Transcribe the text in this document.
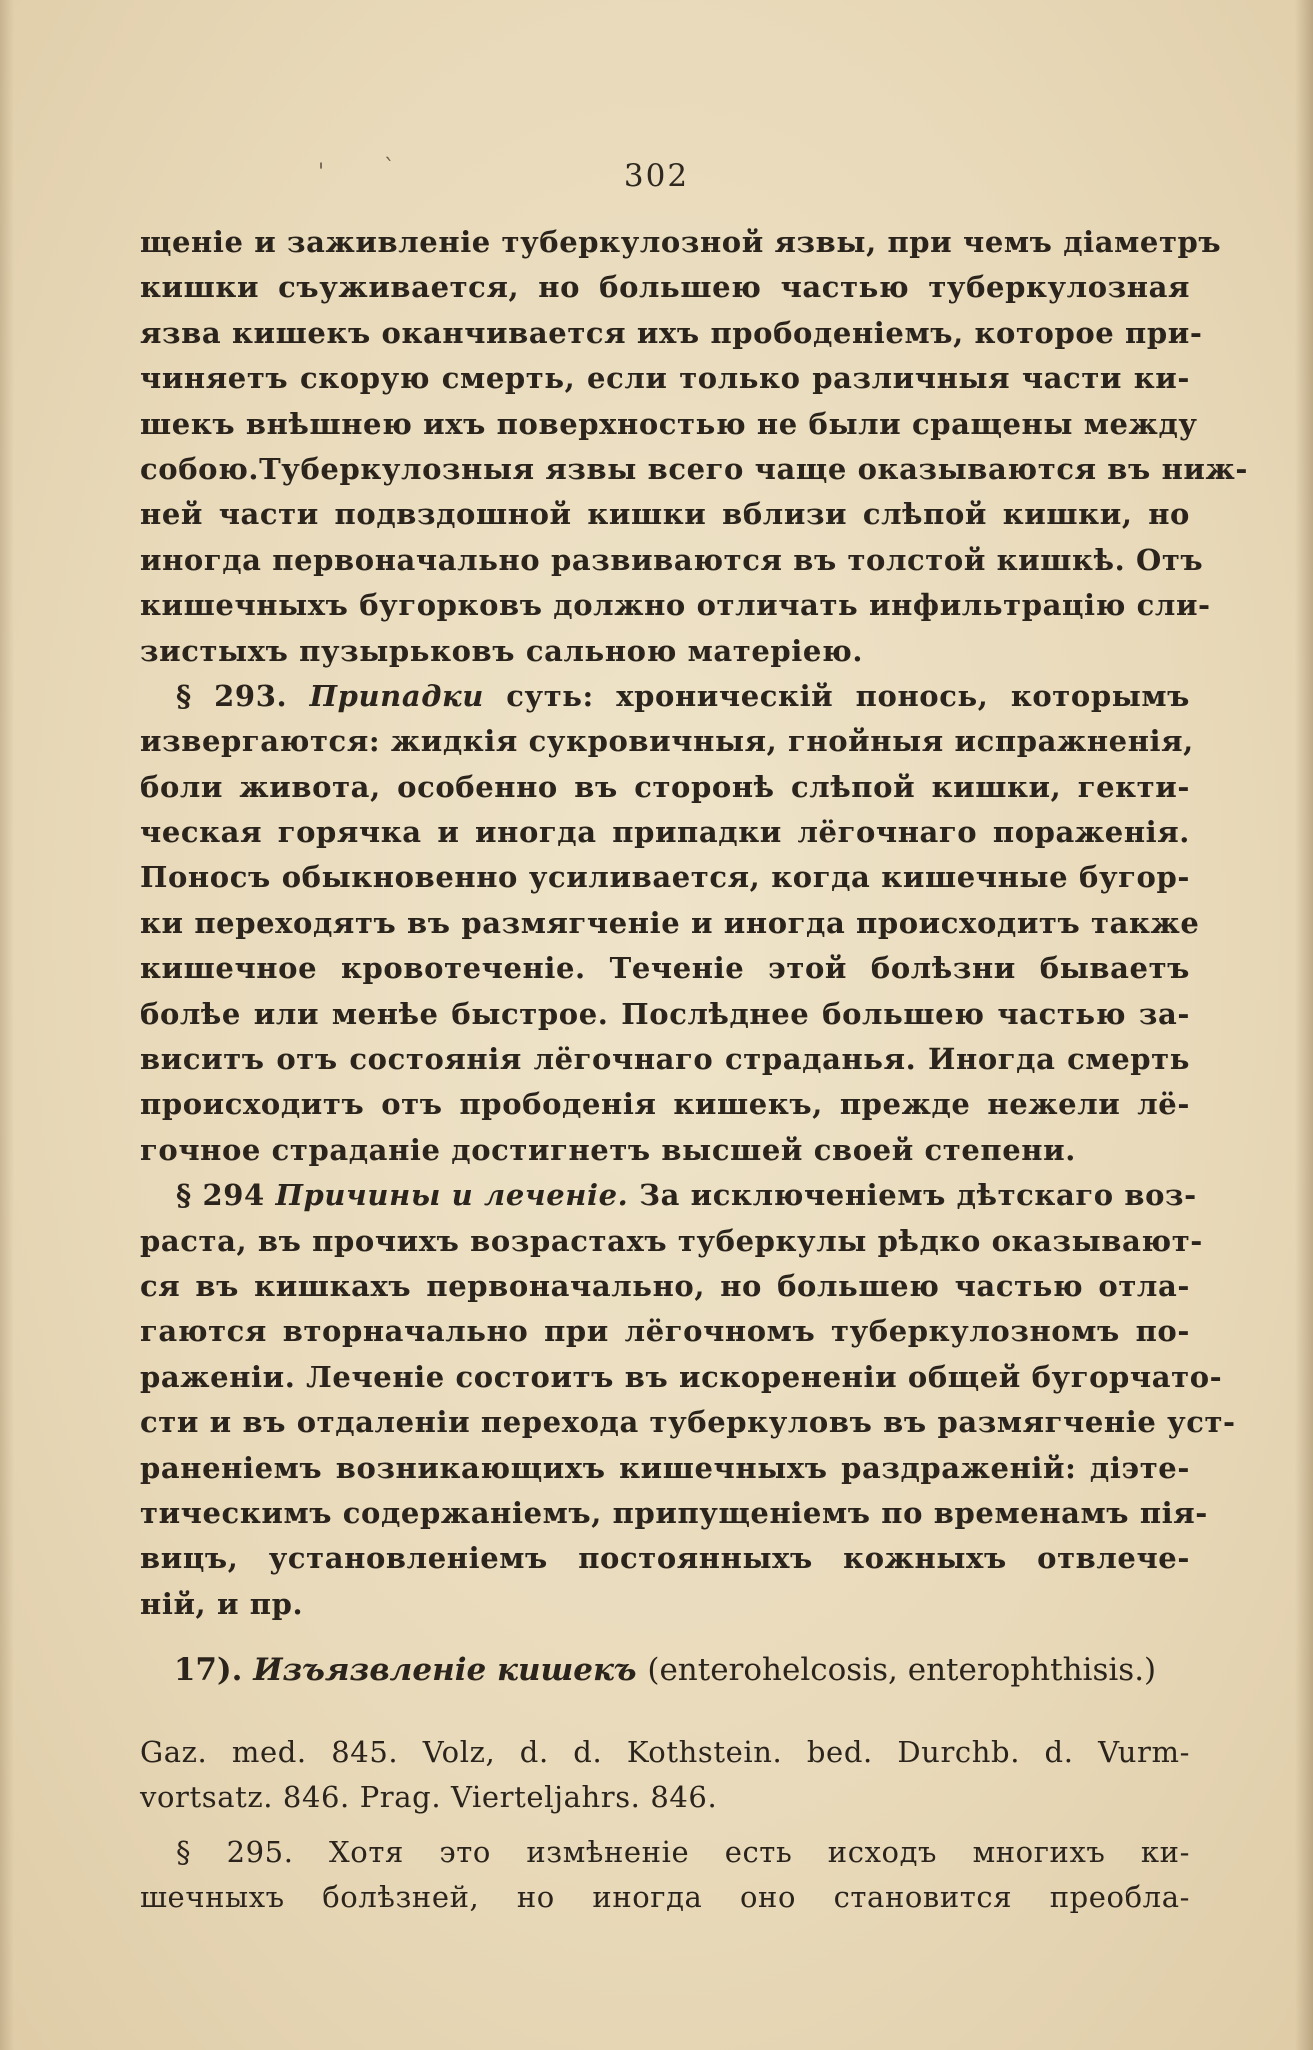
'	`	302
щеніе и заживленіе туберкулозной язвы, при чемъ діаметръ
кишки съуживается, но большею частью туберкулозная
язва кишекъ оканчивается ихъ прободеніемъ, которое при-
чиняетъ скорую смерть, если только различныя части ки-
шекъ внѣшнею ихъ поверхностью не были сращены между
собою.Туберкулозныя язвы всего чаще оказываются въ ниж-
ней части подвздошной кишки вблизи слѣпой кишки, но
иногда первоначально развиваются въ толстой кишкѣ. Отъ
кишечныхъ бугорковъ должно отличать инфильтрацію сли-
зистыхъ пузырьковъ сальною матеріею.
§ 293. Припадки суть: хроническій понось, которымъ
извергаются: жидкія сукровичныя, гнойныя испражненія,
боли живота, особенно въ сторонѣ слѣпой кишки, гекти-
ческая горячка и иногда припадки лёгочнаго пораженія.
Поносъ обыкновенно усиливается, когда кишечные бугор-
ки переходятъ въ размягченіе и иногда происходитъ также
кишечное кровотеченіе. Теченіе этой болѣзни бываетъ
болѣе или менѣе быстрое. Послѣднее большею частью за-
виситъ отъ состоянія лёгочнаго страданья. Иногда смерть
происходитъ отъ прободенія кишекъ, прежде нежели лё-
гочное страданіе достигнетъ высшей своей степени.
§ 294 Причины и леченіе. За исключеніемъ дѣтскаго воз-
раста, въ прочихъ возрастахъ туберкулы рѣдко оказывают-
ся въ кишкахъ первоначально, но большею частью отла-
гаются вторначально при лёгочномъ туберкулозномъ по-
раженіи. Леченіе состоитъ въ искорененіи общей бугорчато-
сти и въ отдаленіи перехода туберкуловъ въ размягченіе уст-
раненіемъ возникающихъ кишечныхъ раздраженій: діэте-
тическимъ содержаніемъ, припущеніемъ по временамъ пія-
вицъ, установленіемъ постоянныхъ кожныхъ отвлече-
ній, и пр.
17). Изъязвленіе кишекъ (enterohelcosis, enterophthisis.)
Gaz. med. 845. Volz, d. d. Kothstein. bed. Durchb. d. Vurm-
vortsatz. 846. Prag. Vierteljahrs. 846.
§ 295. Хотя это измѣненіе есть исходъ многихъ ки-
шечныхъ болѣзней, но иногда оно становится преобла-
